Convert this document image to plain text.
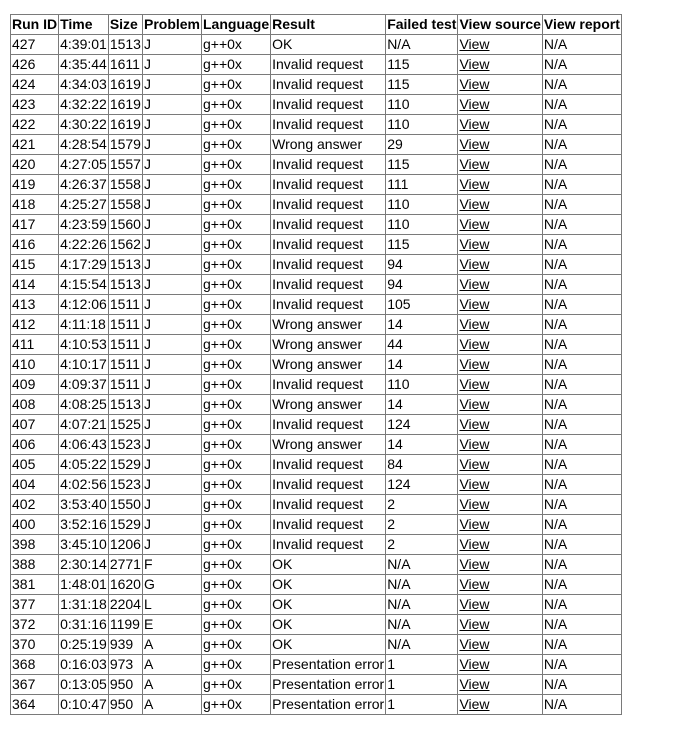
Run ID	Time	Size	Problem	Language	Result	Failed test	View source	View report
427	4:39:01	1513	J	g++0x	OK	N/A	View	N/A
426	4:35:44	1611	J	g++0x	Invalid request	115	View	N/A
424	4:34:03	1619	J	g++0x	Invalid request	115	View	N/A
423	4:32:22	1619	J	g++0x	Invalid request	110	View	N/A
422	4:30:22	1619	J	g++0x	Invalid request	110	View	N/A
421	4:28:54	1579	J	g++0x	Wrong answer	29	View	N/A
420	4:27:05	1557	J	g++0x	Invalid request	115	View	N/A
419	4:26:37	1558	J	g++0x	Invalid request	111	View	N/A
418	4:25:27	1558	J	g++0x	Invalid request	110	View	N/A
417	4:23:59	1560	J	g++0x	Invalid request	110	View	N/A
416	4:22:26	1562	J	g++0x	Invalid request	115	View	N/A
415	4:17:29	1513	J	g++0x	Invalid request	94	View	N/A
414	4:15:54	1513	J	g++0x	Invalid request	94	View	N/A
413	4:12:06	1511	J	g++0x	Invalid request	105	View	N/A
412	4:11:18	1511	J	g++0x	Wrong answer	14	View	N/A
411	4:10:53	1511	J	g++0x	Wrong answer	44	View	N/A
410	4:10:17	1511	J	g++0x	Wrong answer	14	View	N/A
409	4:09:37	1511	J	g++0x	Invalid request	110	View	N/A
408	4:08:25	1513	J	g++0x	Wrong answer	14	View	N/A
407	4:07:21	1525	J	g++0x	Invalid request	124	View	N/A
406	4:06:43	1523	J	g++0x	Wrong answer	14	View	N/A
405	4:05:22	1529	J	g++0x	Invalid request	84	View	N/A
404	4:02:56	1523	J	g++0x	Invalid request	124	View	N/A
402	3:53:40	1550	J	g++0x	Invalid request	2	View	N/A
400	3:52:16	1529	J	g++0x	Invalid request	2	View	N/A
398	3:45:10	1206	J	g++0x	Invalid request	2	View	N/A
388	2:30:14	2771	F	g++0x	OK	N/A	View	N/A
381	1:48:01	1620	G	g++0x	OK	N/A	View	N/A
377	1:31:18	2204	L	g++0x	OK	N/A	View	N/A
372	0:31:16	1199	E	g++0x	OK	N/A	View	N/A
370	0:25:19	939	A	g++0x	OK	N/A	View	N/A
368	0:16:03	973	A	g++0x	Presentation error	1	View	N/A
367	0:13:05	950	A	g++0x	Presentation error	1	View	N/A
364	0:10:47	950	A	g++0x	Presentation error	1	View	N/A
